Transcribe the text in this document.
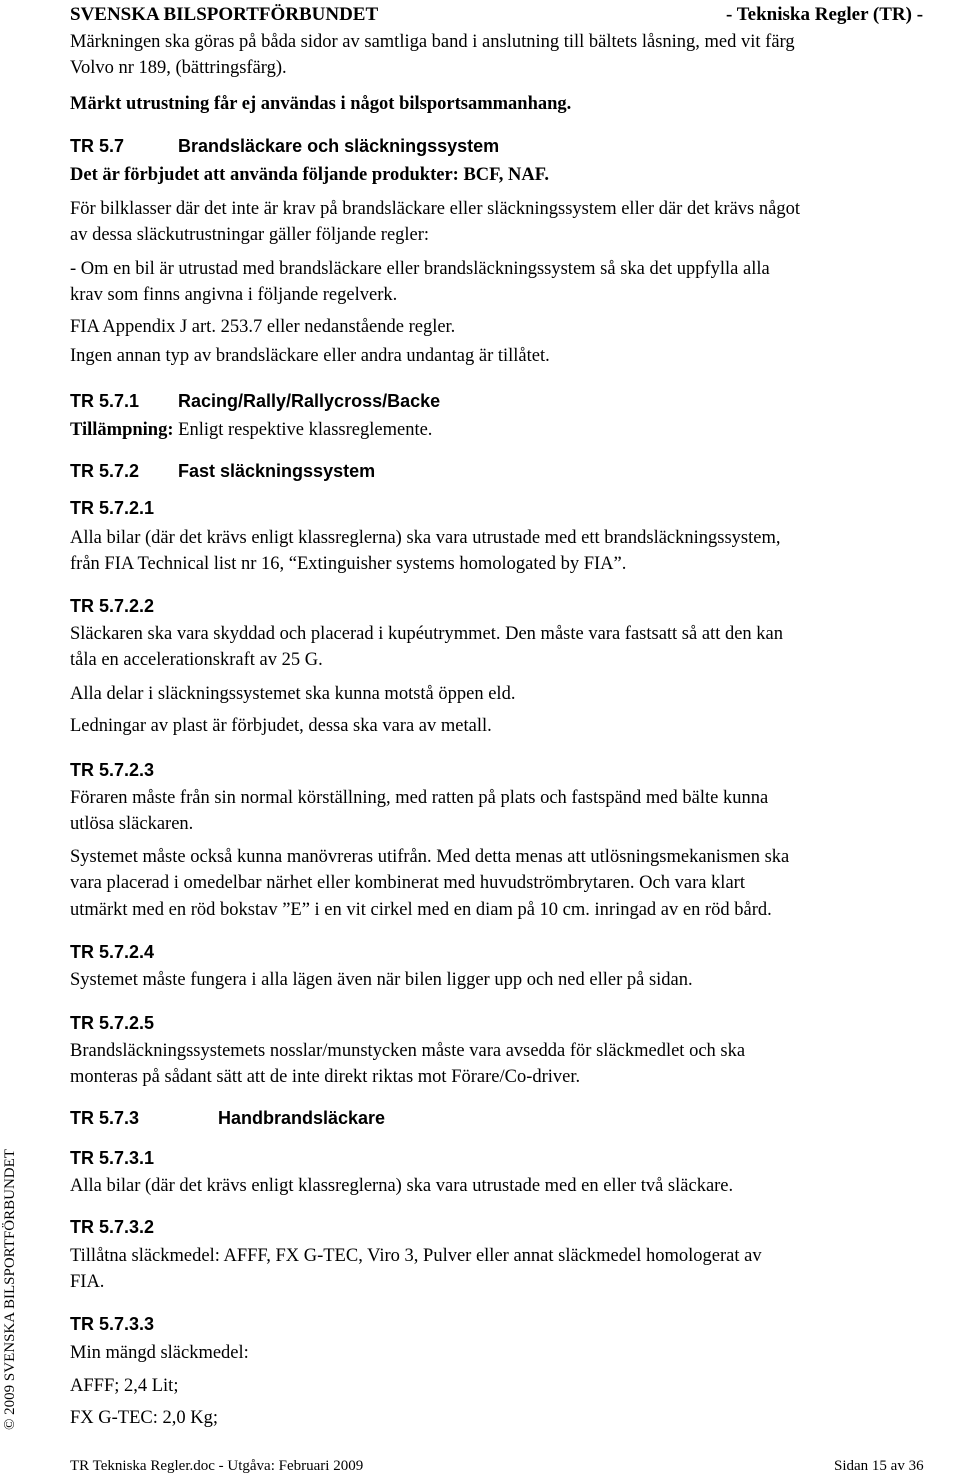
SVENSKA BILSPORTFÖRBUNDET	- Tekniska Regler (TR) -
Märkningen ska göras på båda sidor av samtliga band i anslutning till bältets låsning, med vit färg
Volvo nr 189, (bättringsfärg).
Märkt utrustning får ej användas i något bilsportsammanhang.
TR 5.7	Brandsläckare och släckningssystem
Det är förbjudet att använda följande produkter: BCF, NAF.
För bilklasser där det inte är krav på brandsläckare eller släckningssystem eller där det krävs något
av dessa släckutrustningar gäller följande regler:
- Om en bil är utrustad med brandsläckare eller brandsläckningssystem så ska det uppfylla alla
krav som finns angivna i följande regelverk.
FIA Appendix J art. 253.7 eller nedanstående regler.
Ingen annan typ av brandsläckare eller andra undantag är tillåtet.
TR 5.7.1 Racing/Rally/Rallycross/Backe
Tillämpning: Enligt respektive klassreglemente.
TR 5.7.2 Fast släckningssystem
TR 5.7.2.1
Alla bilar (där det krävs enligt klassreglerna) ska vara utrustade med ett brandsläckningssystem,
från FIA Technical list nr 16, “Extinguisher systems homologated by FIA”.
TR 5.7.2.2
Släckaren ska vara skyddad och placerad i kupéutrymmet. Den måste vara fastsatt så att den kan
tåla en accelerationskraft av 25 G.
Alla delar i släckningssystemet ska kunna motstå öppen eld.
Ledningar av plast är förbjudet, dessa ska vara av metall.
TR 5.7.2.3
Föraren måste från sin normal körställning, med ratten på plats och fastspänd med bälte kunna
utlösa släckaren.
Systemet måste också kunna manövreras utifrån. Med detta menas att utlösningsmekanismen ska
vara placerad i omedelbar närhet eller kombinerat med huvudströmbrytaren. Och vara klart
utmärkt med en röd bokstav ”E” i en vit cirkel med en diam på 10 cm. inringad av en röd bård.
TR 5.7.2.4
Systemet måste fungera i alla lägen även när bilen ligger upp och ned eller på sidan.
TR 5.7.2.5
Brandsläckningssystemets nosslar/munstycken måste vara avsedda för släckmedlet och ska
monteras på sådant sätt att de inte direkt riktas mot Förare/Co-driver.
TR 5.7.3	Handbrandsläckare
TR 5.7.3.1
Alla bilar (där det krävs enligt klassreglerna) ska vara utrustade med en eller två släckare.
TR 5.7.3.2
Tillåtna släckmedel: AFFF, FX G-TEC, Viro 3, Pulver eller annat släckmedel homologerat av
FIA.
TR 5.7.3.3
Min mängd släckmedel:
AFFF; 2,4 Lit;
FX G-TEC: 2,0 Kg;
TR Tekniska Regler.doc - Utgåva: Februari 2009	Sidan 15 av 36
© 2009 SVENSKA BILSPORTFÖRBUNDET
